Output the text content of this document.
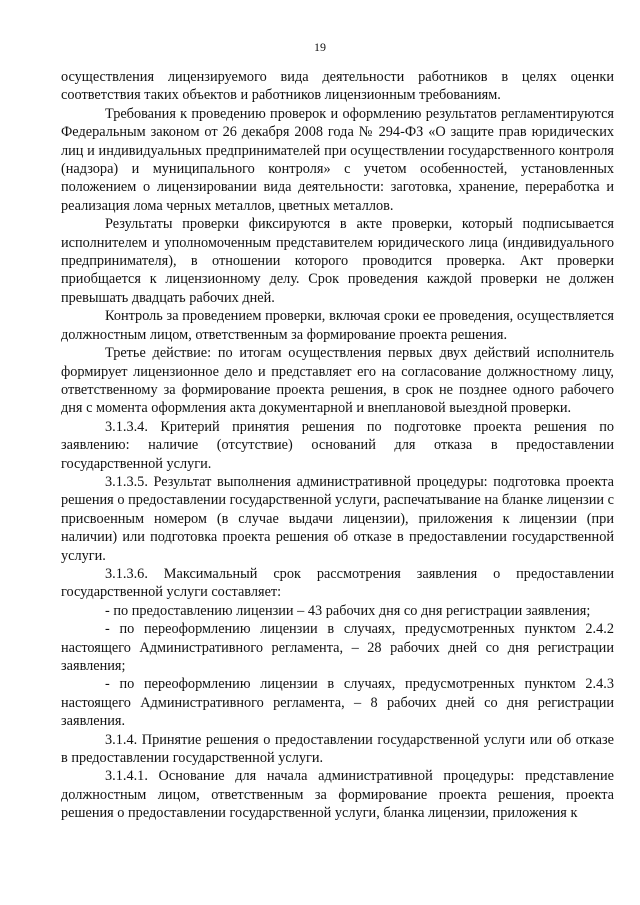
19

осуществления лицензируемого вида деятельности работников в целях оценки соответствия таких объектов и работников лицензионным требованиям.

Требования к проведению проверок и оформлению результатов регламентируются Федеральным законом от 26 декабря 2008 года № 294-ФЗ «О защите прав юридических лиц и индивидуальных предпринимателей при осуществлении государственного контроля (надзора) и муниципального контроля» с учетом особенностей, установленных положением о лицензировании вида деятельности: заготовка, хранение, переработка и реализация лома черных металлов, цветных металлов.

Результаты проверки фиксируются в акте проверки, который подписывается исполнителем и уполномоченным представителем юридического лица (индивидуального предпринимателя), в отношении которого проводится проверка. Акт проверки приобщается к лицензионному делу. Срок проведения каждой проверки не должен превышать двадцать рабочих дней.

Контроль за проведением проверки, включая сроки ее проведения, осуществляется должностным лицом, ответственным за формирование проекта решения.

Третье действие: по итогам осуществления первых двух действий исполнитель формирует лицензионное дело и представляет его на согласование должностному лицу, ответственному за формирование проекта решения, в срок не позднее одного рабочего дня с момента оформления акта документарной и внеплановой выездной проверки.

3.1.3.4. Критерий принятия решения по подготовке проекта решения по заявлению: наличие (отсутствие) оснований для отказа в предоставлении государственной услуги.

3.1.3.5. Результат выполнения административной процедуры: подготовка проекта решения о предоставлении государственной услуги, распечатывание на бланке лицензии с присвоенным номером (в случае выдачи лицензии), приложения к лицензии (при наличии) или подготовка проекта решения об отказе в предоставлении государственной услуги.

3.1.3.6. Максимальный срок рассмотрения заявления о предоставлении государственной услуги составляет:

- по предоставлению лицензии – 43 рабочих дня со дня регистрации заявления;

- по переоформлению лицензии в случаях, предусмотренных пунктом 2.4.2 настоящего Административного регламента, – 28 рабочих дней со дня регистрации заявления;

- по переоформлению лицензии в случаях, предусмотренных пунктом 2.4.3 настоящего Административного регламента, – 8 рабочих дней со дня регистрации заявления.

3.1.4. Принятие решения о предоставлении государственной услуги или об отказе в предоставлении государственной услуги.

3.1.4.1. Основание для начала административной процедуры: представление должностным лицом, ответственным за формирование проекта решения, проекта решения о предоставлении государственной услуги, бланка лицензии, приложения к
